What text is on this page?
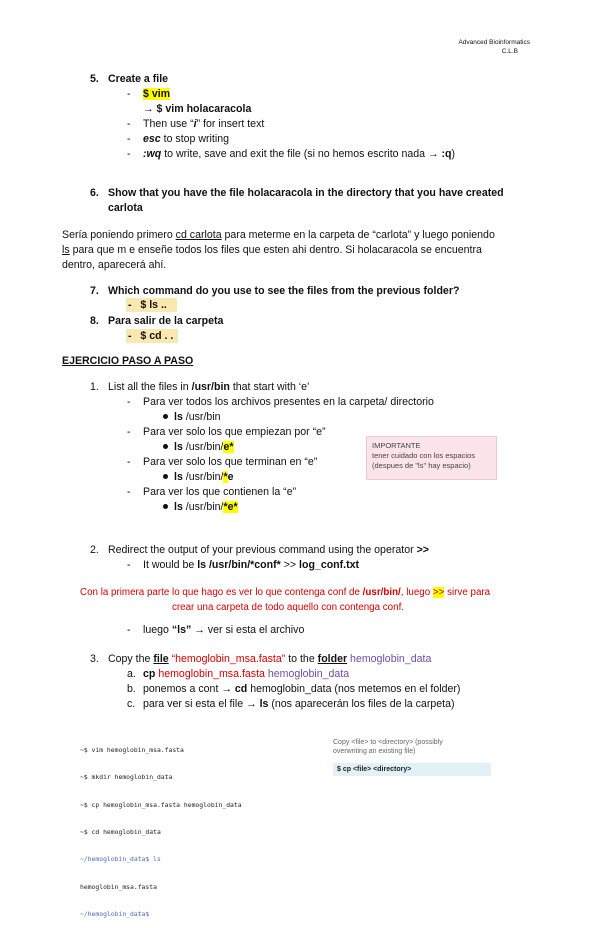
Advanced Bioinformatics
C.L.B
5. Create a file
- $ vim
→ $ vim holacaracola
- Then use “i” for insert text
- esc to stop writing
- :wq to write, save and exit the file (si no hemos escrito nada → :q)
6. Show that you have the file holacaracola in the directory that you have created
carlota
Sería poniendo primero cd carlota para meterme en la carpeta de “carlota” y luego poniendo
ls para que m e enseñe todos los files que esten ahi dentro. Si holacaracola se encuentra
dentro, aparecerá ahí.
7. Which command do you use to see the files from the previous folder?
- $ ls ..
8. Para salir de la carpeta
- $ cd . .
EJERCICIO PASO A PASO
1. List all the files in /usr/bin that start with ‘e’
- Para ver todos los archivos presentes en la carpeta/ directorio
ls /usr/bin
- Para ver solo los que empiezan por “e”
ls /usr/bin/e*
- Para ver solo los que terminan en “e”
ls /usr/bin/*e
- Para ver los que contienen la “e”
ls /usr/bin/*e*
IMPORTANTE
tener cuidado con los espacios
(despues de "ls" hay espacio)
2. Redirect the output of your previous command using the operator >>
- It would be ls /usr/bin/*conf* >> log_conf.txt
Con la primera parte lo que hago es ver lo que contenga conf de /usr/bin/, luego >> sirve para
crear una carpeta de todo aquello con contenga conf.
- luego “ls” → ver si esta el archivo
3. Copy the file “hemoglobin_msa.fasta” to the folder hemoglobin_data
a. cp hemoglobin_msa.fasta hemoglobin_data
b. ponemos a cont → cd hemoglobin_data (nos metemos en el folder)
c. para ver si esta el file → ls (nos aparecerán los files de la carpeta)

~$ vim hemoglobin_msa.fasta

~$ mkdir hemoglobin_data

~$ cp hemoglobin_msa.fasta hemoglobin_data

~$ cd hemoglobin_data

~/hemoglobin_data$ ls

hemoglobin_msa.fasta

~/hemoglobin_data$

Copy <file> to <directory> (possibly
overwriting an existing file)
$ cp <file> <directory>
